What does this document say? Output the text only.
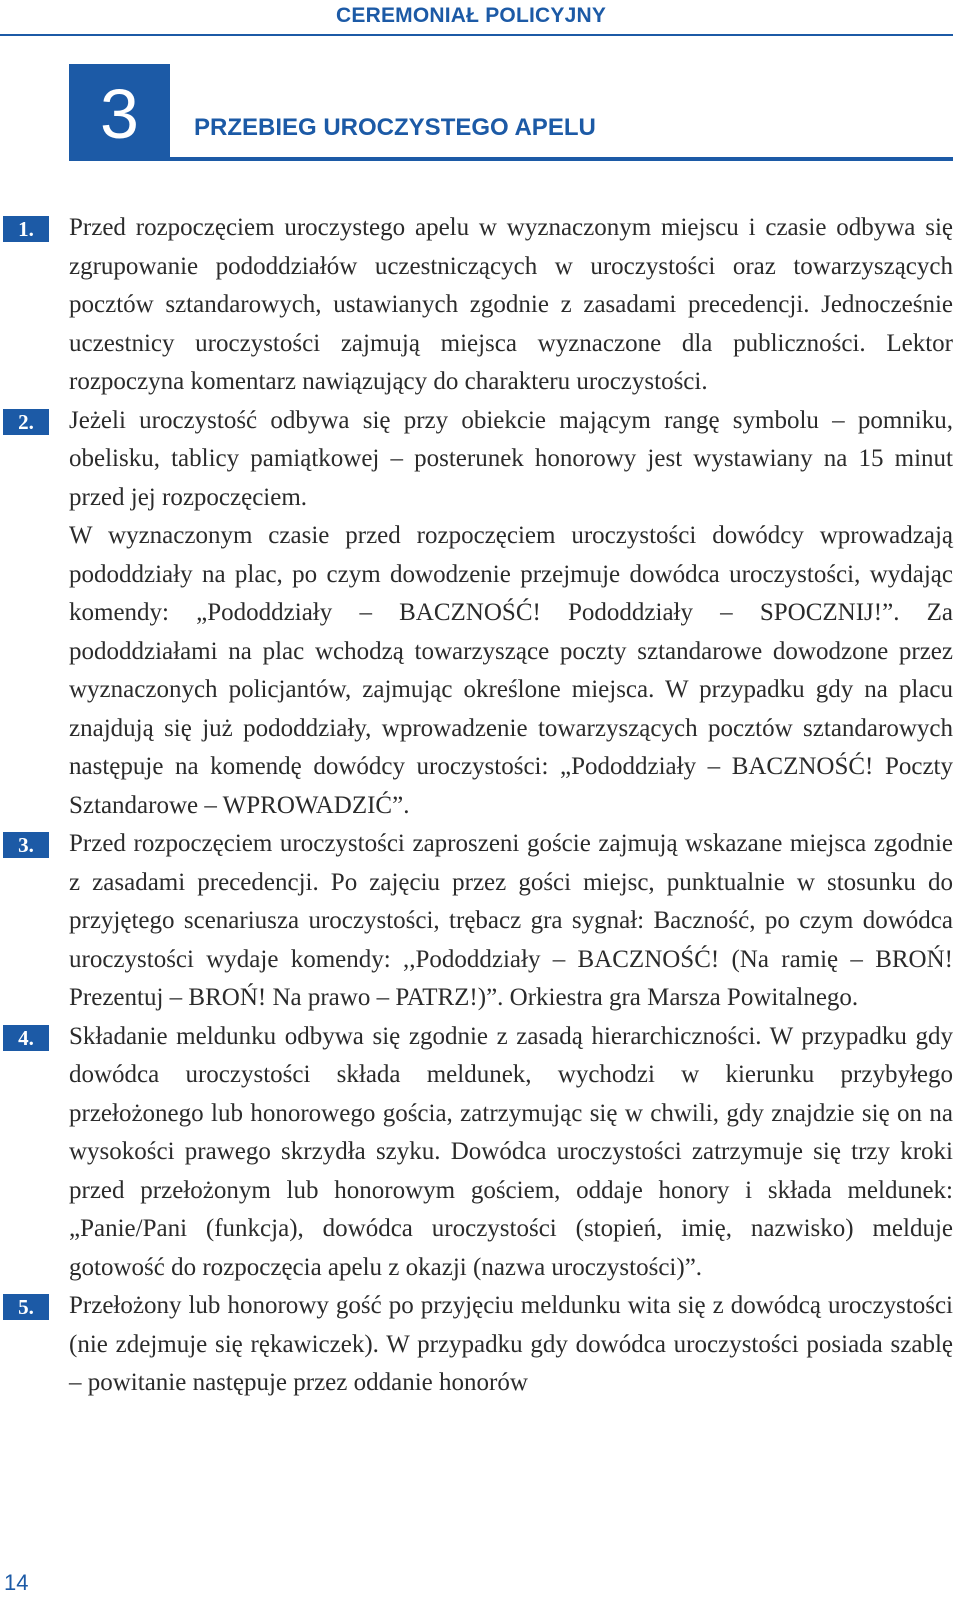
CEREMONIAŁ POLICYJNY
3	PRZEBIEG UROCZYSTEGO APELU
1.	Przed rozpoczęciem uroczystego apelu w wyznaczonym miejscu i czasie odbywa się zgrupowanie pododdziałów uczestniczących w uroczystości oraz towarzyszących pocztów sztandarowych, ustawianych zgodnie z zasadami precedencji. Jednocześnie uczestnicy uroczystości zajmują miejsca wyznaczone dla publiczności. Lektor rozpoczyna komentarz nawiązujący do charakteru uroczystości.

2.	Jeżeli uroczystość odbywa się przy obiekcie mającym rangę symbolu – pomniku, obelisku, tablicy pamiątkowej – posterunek honorowy jest wystawiany na 15 minut przed jej rozpoczęciem.

W wyznaczonym czasie przed rozpoczęciem uroczystości dowódcy wprowadzają pododdziały na plac, po czym dowodzenie przejmuje dowódca uroczystości, wydając komendy: „Pododdziały – BACZNOŚĆ! Pododdziały – SPOCZNIJ!”. Za pododdziałami na plac wchodzą towarzyszące poczty sztandarowe dowodzone przez wyznaczonych policjantów, zajmując określone miejsca. W przypadku gdy na placu znajdują się już pododdziały, wprowadzenie towarzyszących pocztów sztandarowych następuje na komendę dowódcy uroczystości: „Pododdziały – BACZNOŚĆ! Poczty Sztandarowe – WPROWADZIĆ”.

3.	Przed rozpoczęciem uroczystości zaproszeni goście zajmują wskazane miejsca zgodnie z zasadami precedencji. Po zajęciu przez gości miejsc, punktualnie w stosunku do przyjętego scenariusza uroczystości, trębacz gra sygnał: Baczność, po czym dowódca uroczystości wydaje komendy: ,,Pododdziały – BACZNOŚĆ! (Na ramię – BROŃ! Prezentuj – BROŃ! Na prawo – PATRZ!)”. Orkiestra gra Marsza Powitalnego.

4.	Składanie meldunku odbywa się zgodnie z zasadą hierarchiczności. W przypadku gdy dowódca uroczystości składa meldunek, wychodzi w kierunku przybyłego przełożonego lub honorowego gościa, zatrzymując się w chwili, gdy znajdzie się on na wysokości prawego skrzydła szyku. Dowódca uroczystości zatrzymuje się trzy kroki przed przełożonym lub honorowym gościem, oddaje honory i składa meldunek: „Panie/Pani (funkcja), dowódca uroczystości (stopień, imię, nazwisko) melduje gotowość do rozpoczęcia apelu z okazji (nazwa uroczystości)”.

5.	Przełożony lub honorowy gość po przyjęciu meldunku wita się z dowódcą uroczystości (nie zdejmuje się rękawiczek). W przypadku gdy dowódca uroczystości posiada szablę – powitanie następuje przez oddanie honorów

14
